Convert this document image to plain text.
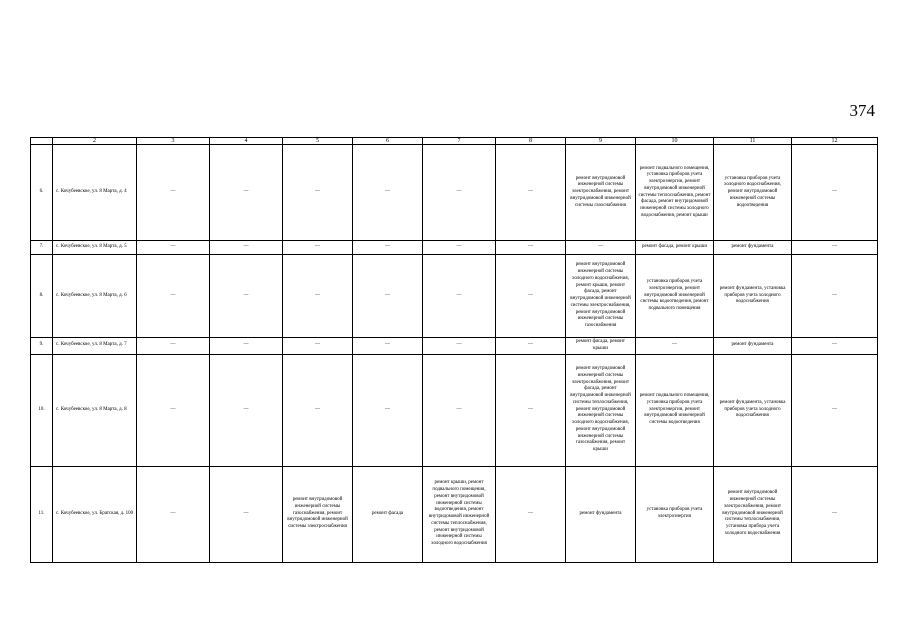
374
	2	3	4	5	6	7	8	9	10	11	12
6.	с. Кочубеевское, ул. 8 Марта, д. 4	—	—	—	—	—	—	ремонт внутридомовой инженерной системы электроснабжения, ремонт внутридомовой инженерной системы газоснабжения	ремонт подвального помещения, установка приборов учета электроэнергии, ремонт внутридомовой инженерной системы теплоснабжения, ремонт фасада, ремонт внутридомовой инженерной системы холодного водоснабжения, ремонт крыши	установка приборов учета холодного водоснабжения, ремонт внутридомовой инженерной системы водоотведения	—
7.	с. Кочубеевское, ул. 8 Марта, д. 5	—	—	—	—	—	—	—	ремонт фасада, ремонт крыши	ремонт фундамента	—
8.	с. Кочубеевское, ул. 8 Марта, д. 6	—	—	—	—	—	—	ремонт внутридомовой инженерной системы холодного водоснабжения, ремонт крыши, ремонт фасада, ремонт внутридомовой инженерной системы электроснабжения, ремонт внутридомовой инженерной системы газоснабжения	установка приборов учета электроэнергии, ремонт внутридомовой инженерной системы водоотведения, ремонт подвального помещения	ремонт фундамента, установка приборов учета холодного водоснабжения	—
9.	с. Кочубеевское, ул. 8 Марта, д. 7	—	—	—	—	—	—	ремонт фасада, ремонт крыши	—	ремонт фундамента	—
10.	с. Кочубеевское, ул. 8 Марта, д. 8	—	—	—	—	—	—	ремонт внутридомовой инженерной системы электроснабжения, ремонт фасада, ремонт внутридомовой инженерной системы теплоснабжения, ремонт внутридомовой инженерной системы холодного водоснабжения, ремонт внутридомовой инженерной системы газоснабжения, ремонт крыши	ремонт подвального помещения, установка приборов учета электроэнергии, ремонт внутридомовой инженерной системы водоотведения	ремонт фундамента, установка приборов учета холодного водоснабжения	—
11.	с. Кочубеевское, ул. Братская, д. 100	—	—	ремонт внутридомовой инженерной системы газоснабжения, ремонт внутридомовой инженерной системы электроснабжения	ремонт фасада	ремонт крыши, ремонт подвального помещения, ремонт внутридомовой инженерной системы водоотведения, ремонт внутридомовой инженерной системы теплоснабжения, ремонт внутридомовой инженерной системы холодного водоснабжения	—	ремонт фундамента	установка приборов учета электроэнергии	ремонт внутридомовой инженерной системы электроснабжения, ремонт внутридомовой инженерной системы теплоснабжения, установка прибора учета холодного водоснабжения	—
